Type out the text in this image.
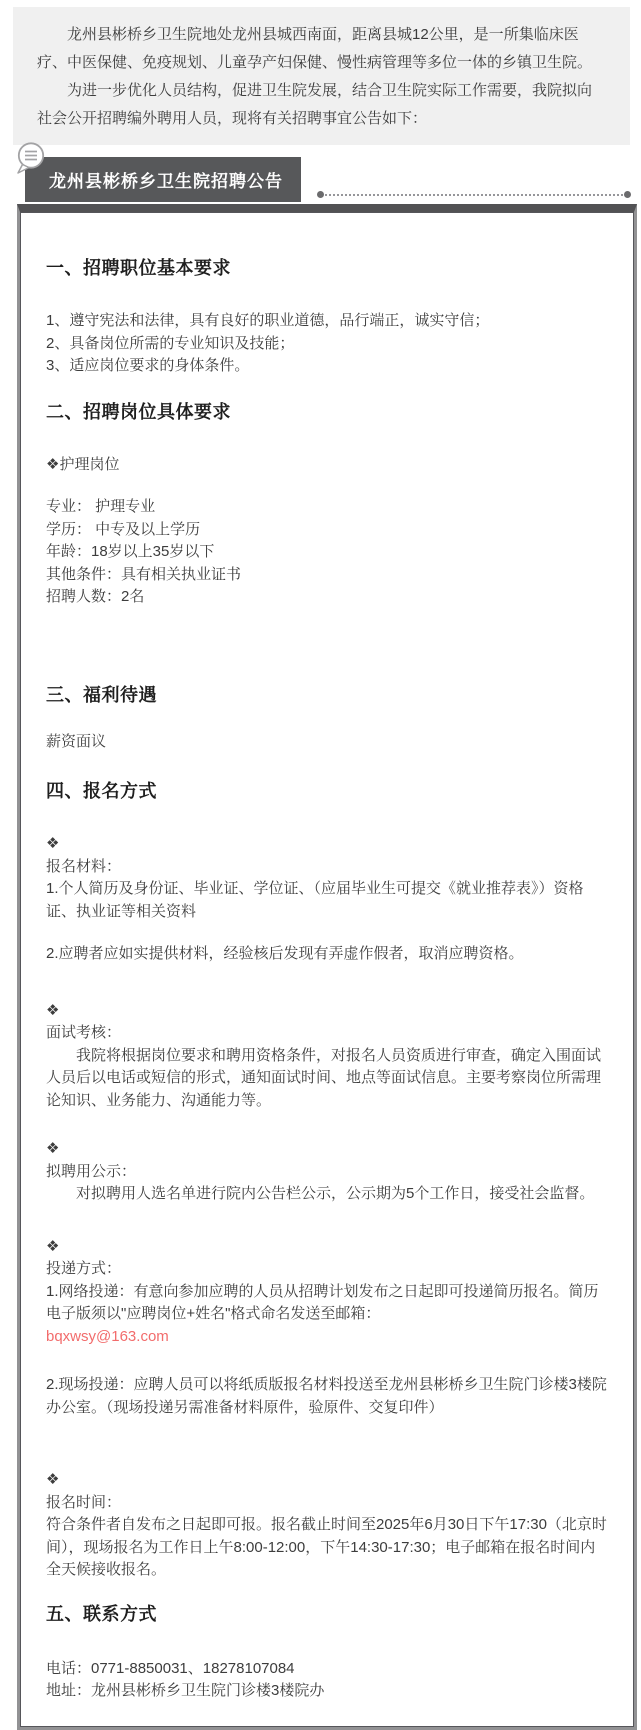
龙州县彬桥乡卫生院地处龙州县城西南面，距离县城12公里，是一所集临床医疗、中医保健、免疫规划、儿童孕产妇保健、慢性病管理等多位一体的乡镇卫生院。

为进一步优化人员结构，促进卫生院发展，结合卫生院实际工作需要，我院拟向社会公开招聘编外聘用人员，现将有关招聘事宜公告如下：

龙州县彬桥乡卫生院招聘公告
一、招聘职位基本要求

1、遵守宪法和法律，具有良好的职业道德，品行端正，诚实守信；

2、具备岗位所需的专业知识及技能；

3、适应岗位要求的身体条件。

二、招聘岗位具体要求

❖护理岗位

专业： 护理专业

学历： 中专及以上学历

年龄：18岁以上35岁以下

其他条件：具有相关执业证书

招聘人数：2名

三、福利待遇

薪资面议

四、报名方式

❖

报名材料：

1.个人简历及身份证、毕业证、学位证、（应届毕业生可提交《就业推荐表》）资格证、执业证等相关资料

2.应聘者应如实提供材料，经验核后发现有弄虚作假者，取消应聘资格。

❖

面试考核：

我院将根据岗位要求和聘用资格条件，对报名人员资质进行审查，确定入围面试人员后以电话或短信的形式，通知面试时间、地点等面试信息。主要考察岗位所需理论知识、业务能力、沟通能力等。

❖

拟聘用公示：

对拟聘用人选名单进行院内公告栏公示，公示期为5个工作日，接受社会监督。

❖

投递方式：

1.网络投递：有意向参加应聘的人员从招聘计划发布之日起即可投递简历报名。简历电子版须以"应聘岗位+姓名"格式命名发送至邮箱：

bqxwsy@163.com

2.现场投递：应聘人员可以将纸质版报名材料投送至龙州县彬桥乡卫生院门诊楼3楼院办公室。（现场投递另需准备材料原件，验原件、交复印件）

❖

报名时间：

符合条件者自发布之日起即可报。报名截止时间至2025年6月30日下午17:30（北京时间），现场报名为工作日上午8:00-12:00，下午14:30-17:30；电子邮箱在报名时间内全天候接收报名。

五、联系方式

电话：0771-8850031、18278107084

地址：龙州县彬桥乡卫生院门诊楼3楼院办
